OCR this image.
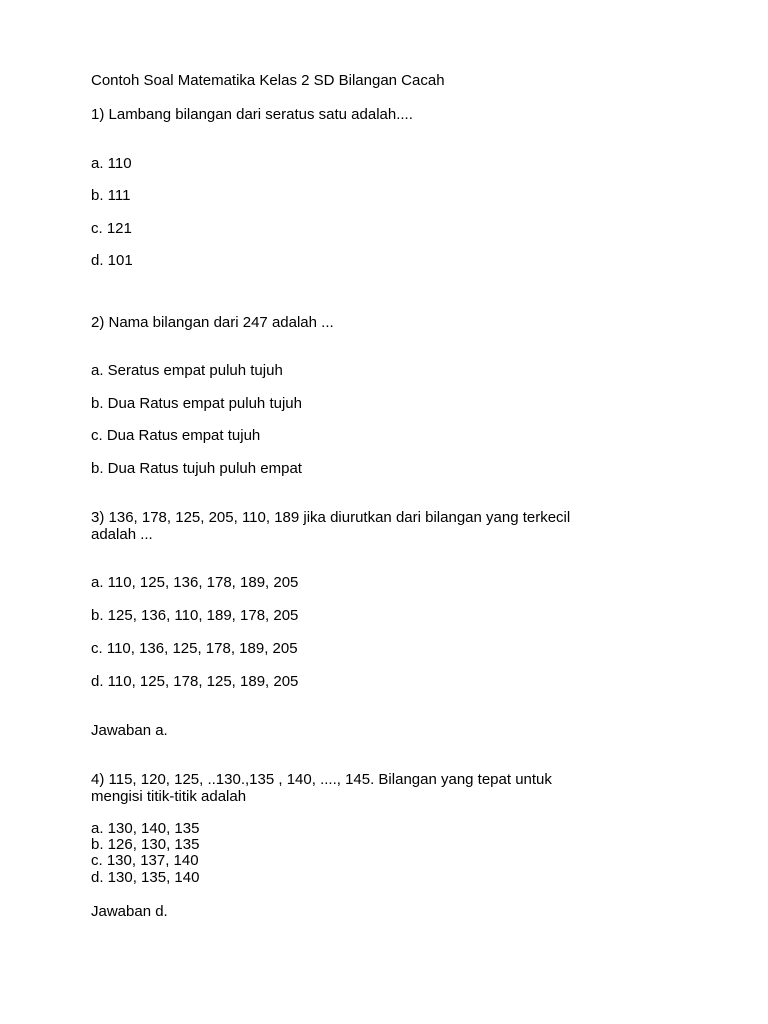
Contoh Soal Matematika Kelas 2 SD Bilangan Cacah
1) Lambang bilangan dari seratus satu adalah....
a. 110
b. 111
c. 121
d. 101
2) Nama bilangan dari 247 adalah ...
a. Seratus empat puluh tujuh
b. Dua Ratus empat puluh tujuh
c. Dua Ratus empat tujuh
b. Dua Ratus tujuh puluh empat
3) 136, 178, 125, 205, 110, 189 jika diurutkan dari bilangan yang terkecil
adalah ...
a. 110, 125, 136, 178, 189, 205
b. 125, 136, 110, 189, 178, 205
c. 110, 136, 125, 178, 189, 205
d. 110, 125, 178, 125, 189, 205
Jawaban a.
4) 115, 120, 125, ..130.,135 , 140, ...., 145. Bilangan yang tepat untuk
mengisi titik-titik adalah
a. 130, 140, 135
b. 126, 130, 135
c. 130, 137, 140
d. 130, 135, 140
Jawaban d.
